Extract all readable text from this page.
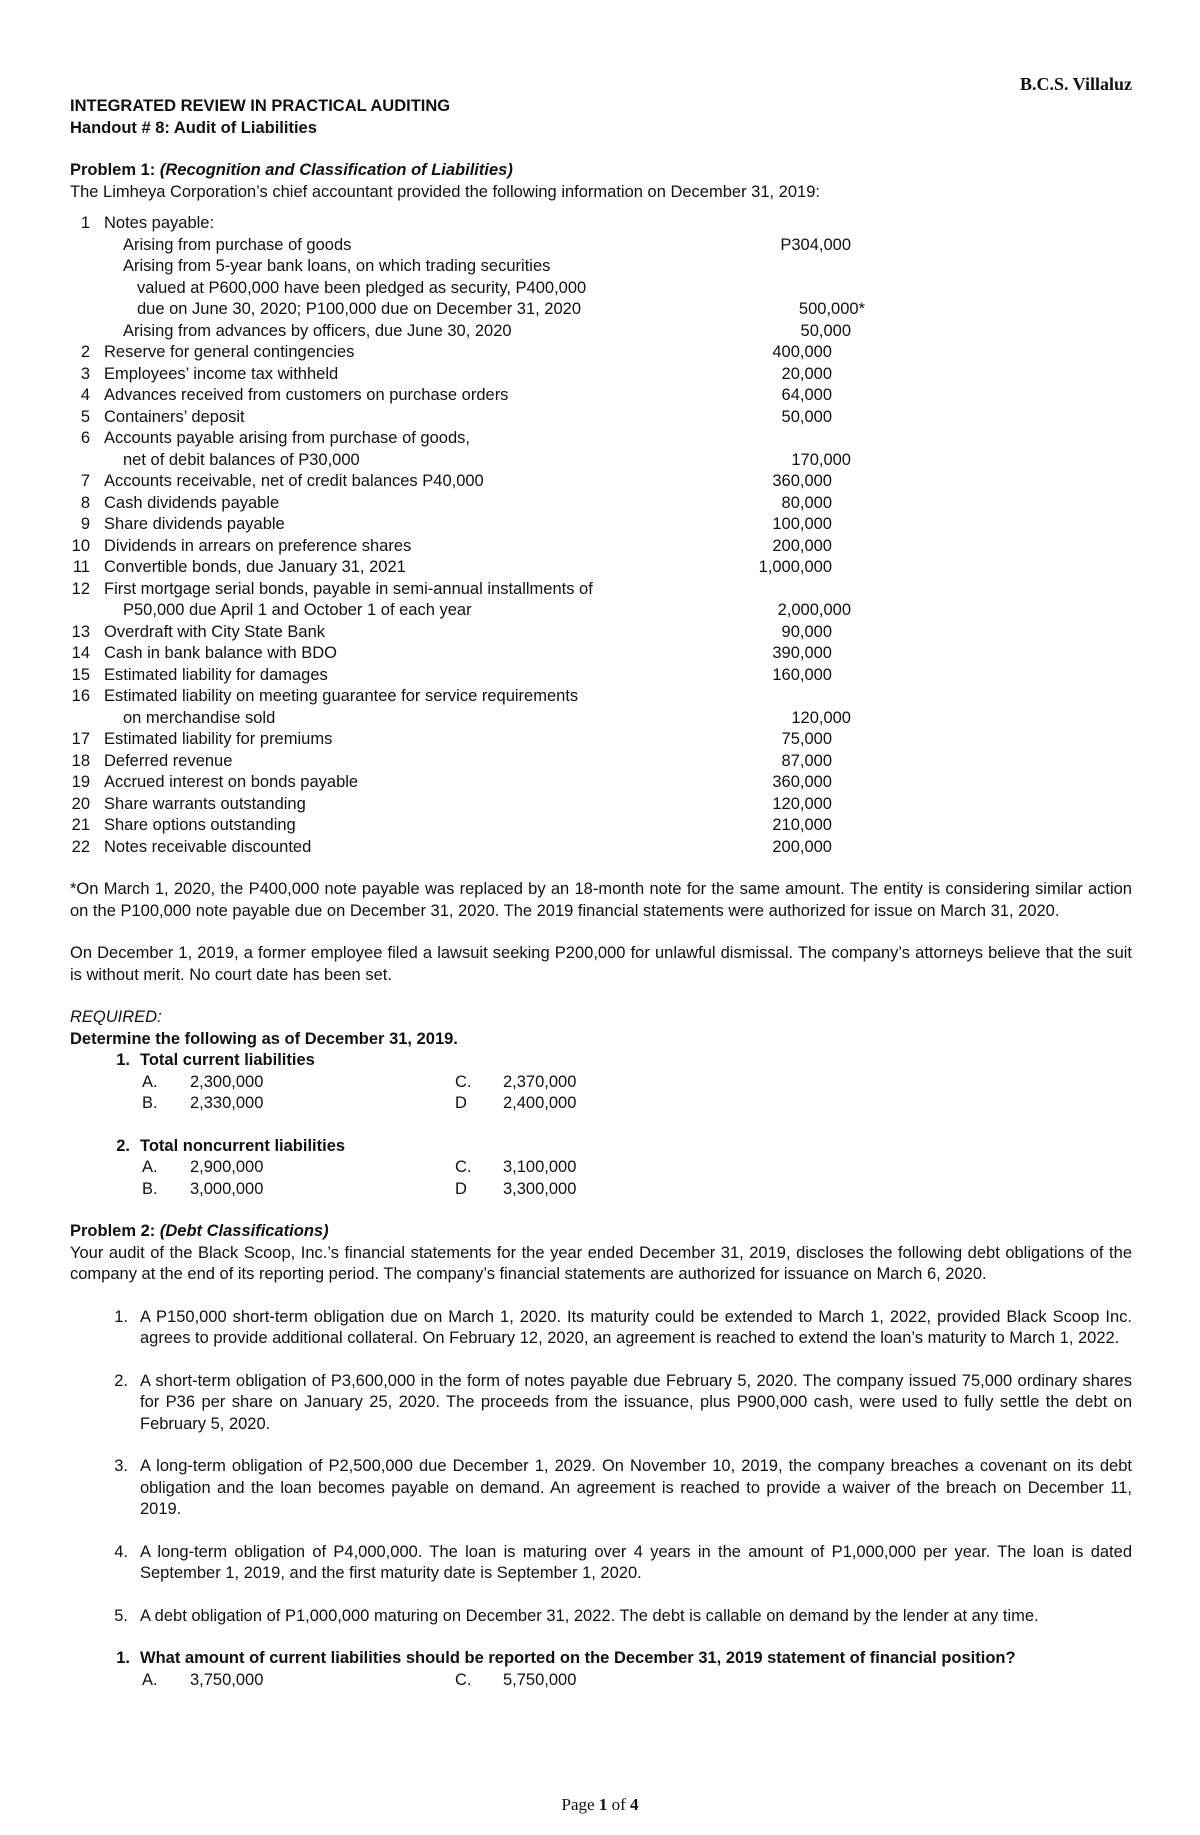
B.C.S. Villaluz
INTEGRATED REVIEW IN PRACTICAL AUDITING
Handout # 8: Audit of Liabilities
Problem 1: (Recognition and Classification of Liabilities)
The Limheya Corporation’s chief accountant provided the following information on December 31, 2019:
1 Notes payable:
Arising from purchase of goods	P304,000
Arising from 5-year bank loans, on which trading securities
valued at P600,000 have been pledged as security, P400,000
due on June 30, 2020; P100,000 due on December 31, 2020	500,000*
Arising from advances by officers, due June 30, 2020	50,000
2 Reserve for general contingencies	400,000
3 Employees’ income tax withheld	20,000
4 Advances received from customers on purchase orders	64,000
5 Containers’ deposit	50,000
6 Accounts payable arising from purchase of goods,
net of debit balances of P30,000	170,000
7 Accounts receivable, net of credit balances P40,000	360,000
8 Cash dividends payable	80,000
9 Share dividends payable	100,000
10 Dividends in arrears on preference shares	200,000
11 Convertible bonds, due January 31, 2021	1,000,000
12 First mortgage serial bonds, payable in semi-annual installments of
P50,000 due April 1 and October 1 of each year	2,000,000
13 Overdraft with City State Bank	90,000
14 Cash in bank balance with BDO	390,000
15 Estimated liability for damages	160,000
16 Estimated liability on meeting guarantee for service requirements
on merchandise sold	120,000
17 Estimated liability for premiums	75,000
18 Deferred revenue	87,000
19 Accrued interest on bonds payable	360,000
20 Share warrants outstanding	120,000
21 Share options outstanding	210,000
22 Notes receivable discounted	200,000
*On March 1, 2020, the P400,000 note payable was replaced by an 18-month note for the same amount. The entity is considering similar action on the P100,000 note payable due on December 31, 2020. The 2019 financial statements were authorized for issue on March 31, 2020.
On December 1, 2019, a former employee filed a lawsuit seeking P200,000 for unlawful dismissal. The company’s attorneys believe that the suit is without merit. No court date has been set.
REQUIRED:
Determine the following as of December 31, 2019.
1. Total current liabilities
A.	2,300,000	C.	2,370,000
B.	2,330,000	D	2,400,000
2. Total noncurrent liabilities
A.	2,900,000	C.	3,100,000
B.	3,000,000	D	3,300,000
Problem 2: (Debt Classifications)
Your audit of the Black Scoop, Inc.’s financial statements for the year ended December 31, 2019, discloses the following debt obligations of the company at the end of its reporting period. The company’s financial statements are authorized for issuance on March 6, 2020.
1. A P150,000 short-term obligation due on March 1, 2020. Its maturity could be extended to March 1, 2022, provided Black Scoop Inc. agrees to provide additional collateral. On February 12, 2020, an agreement is reached to extend the loan’s maturity to March 1, 2022.
2. A short-term obligation of P3,600,000 in the form of notes payable due February 5, 2020. The company issued 75,000 ordinary shares for P36 per share on January 25, 2020. The proceeds from the issuance, plus P900,000 cash, were used to fully settle the debt on February 5, 2020.
3. A long-term obligation of P2,500,000 due December 1, 2029. On November 10, 2019, the company breaches a covenant on its debt obligation and the loan becomes payable on demand. An agreement is reached to provide a waiver of the breach on December 11, 2019.
4. A long-term obligation of P4,000,000. The loan is maturing over 4 years in the amount of P1,000,000 per year. The loan is dated September 1, 2019, and the first maturity date is September 1, 2020.
5. A debt obligation of P1,000,000 maturing on December 31, 2022. The debt is callable on demand by the lender at any time.
1. What amount of current liabilities should be reported on the December 31, 2019 statement of financial position?
A.	3,750,000	C.	5,750,000
Page 1 of 4
